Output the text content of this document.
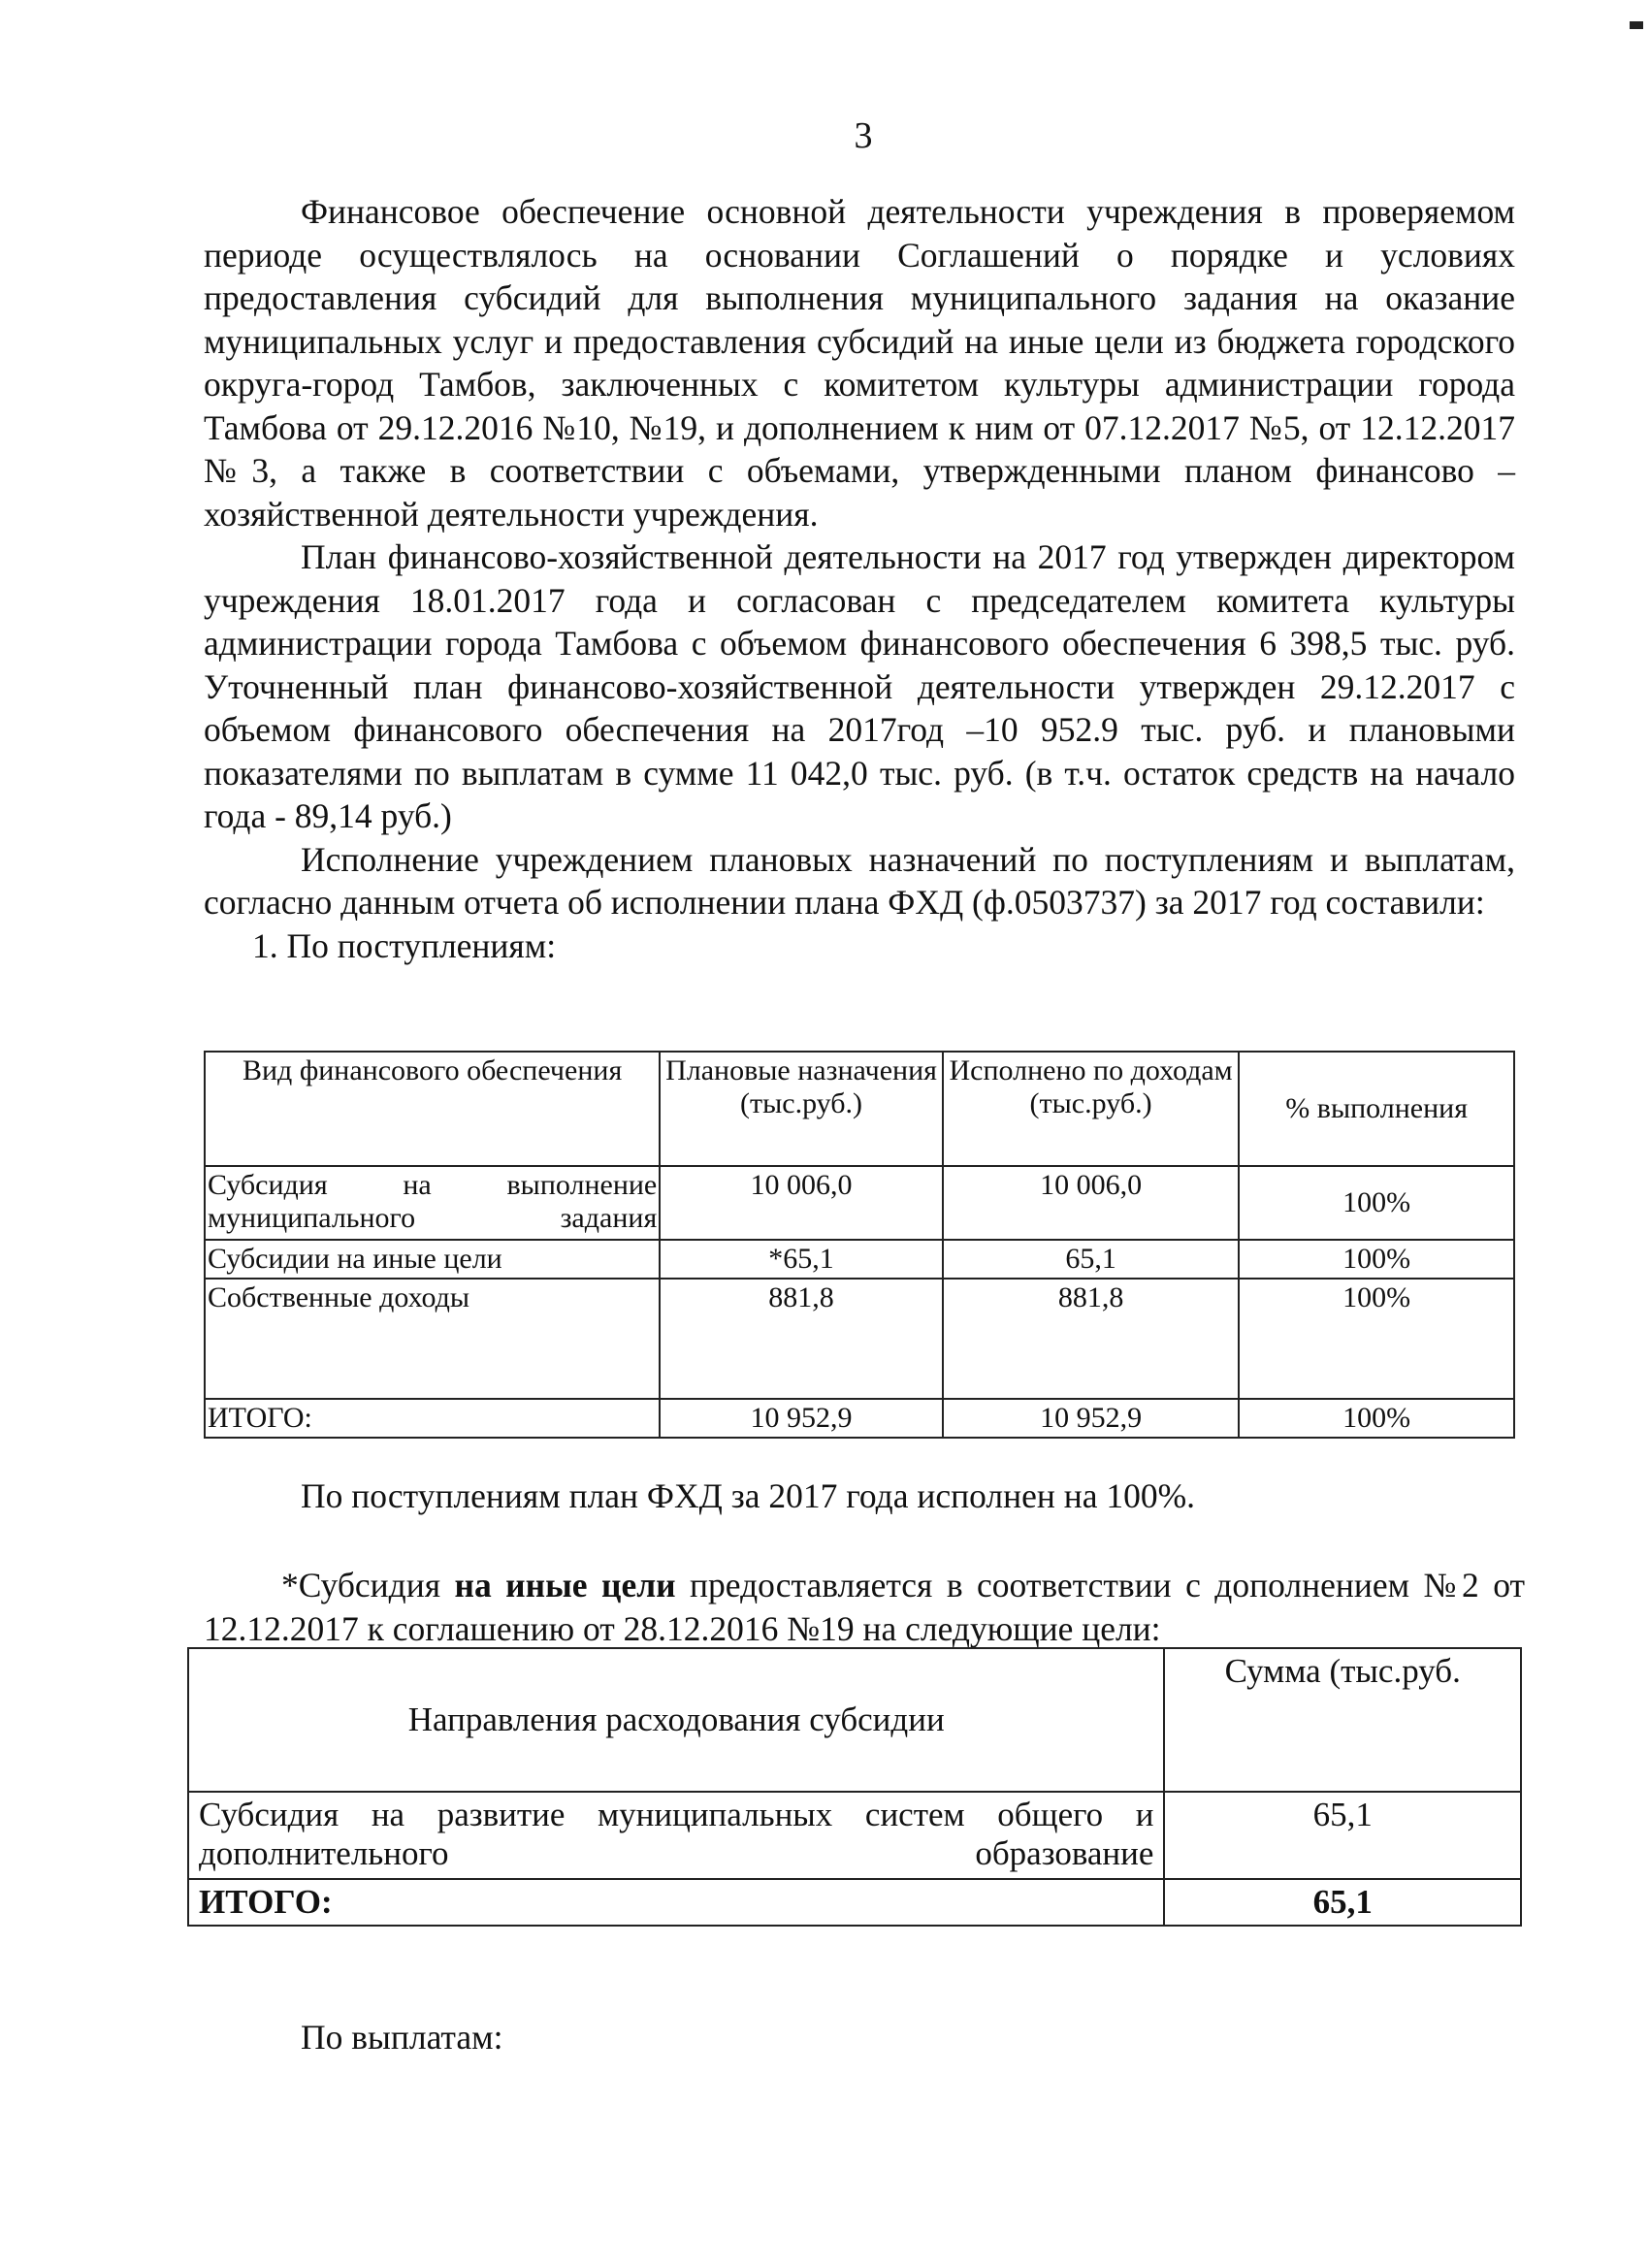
3

Финансовое обеспечение основной деятельности учреждения в проверяемом периоде осуществлялось на основании Соглашений о порядке и условиях предоставления субсидий для выполнения муниципального задания на оказание муниципальных услуг и предоставления субсидий на иные цели из бюджета городского округа-город Тамбов, заключенных с комитетом культуры администрации города Тамбова от 29.12.2016 №10, №19, и дополнением к ним от 07.12.2017 №5, от 12.12.2017 №3, а также в соответствии с объемами, утвержденными планом финансово – хозяйственной деятельности учреждения.

План финансово-хозяйственной деятельности на 2017 год утвержден директором учреждения 18.01.2017 года и согласован с председателем комитета культуры администрации города Тамбова с объемом финансового обеспечения 6 398,5 тыс. руб. Уточненный план финансово-хозяйственной деятельности утвержден 29.12.2017 с объемом финансового обеспечения на 2017год –10 952.9 тыс. руб. и плановыми показателями по выплатам в сумме 11 042,0 тыс. руб. (в т.ч. остаток средств на начало года - 89,14 руб.)

Исполнение учреждением плановых назначений по поступлениям и выплатам, согласно данным отчета об исполнении плана ФХД (ф.0503737) за 2017 год составили:

1. По поступлениям:

Вид финансового обеспечения	Плановые назначения (тыс.руб.)	Исполнено по доходам (тыс.руб.)	% выполнения
Субсидия на выполнение муниципального задания	10 006,0	10 006,0	100%
Субсидии на иные цели	*65,1	65,1	100%
Собственные доходы	881,8	881,8	100%
ИТОГО:	10 952,9	10 952,9	100%

По поступлениям план ФХД за 2017 года исполнен на 100%.

*Субсидия на иные цели предоставляется в соответствии с дополнением №2 от 12.12.2017 к соглашению от 28.12.2016 №19 на следующие цели:

Направления расходования субсидии	Сумма (тыс.руб.
Субсидия на развитие муниципальных систем общего и дополнительного образование	65,1
ИТОГО:	65,1

По выплатам:
